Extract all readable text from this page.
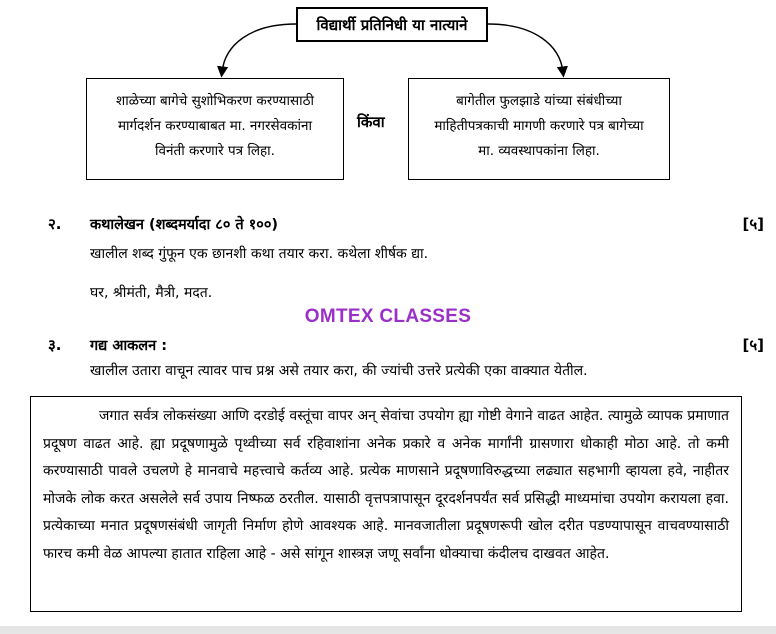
विद्यार्थी प्रतिनिधी या नात्याने
शाळेच्या बागेचे सुशोभिकरण करण्यासाठी
मार्गदर्शन करण्याबाबत मा. नगरसेवकांना
विनंती करणारे पत्र लिहा.
किंवा
बागेतील फुलझाडे यांच्या संबंधीच्या
माहितीपत्रकाची मागणी करणारे पत्र बागेच्या
मा. व्यवस्थापकांना लिहा.
२. कथालेखन (शब्दमर्यादा ८० ते १००)	[५]
खालील शब्द गुंफून एक छानशी कथा तयार करा. कथेला शीर्षक द्या.
घर, श्रीमंती, मैत्री, मदत.
OMTEX CLASSES
३. गद्य आकलन :	[५]
खालील उतारा वाचून त्यावर पाच प्रश्न असे तयार करा, की ज्यांची उत्तरे प्रत्येकी एका वाक्यात येतील.

जगात सर्वत्र लोकसंख्या आणि दरडोई वस्तूंचा वापर अन् सेवांचा उपयोग ह्या गोष्टी वेगाने वाढत आहेत. त्यामुळे व्यापक प्रमाणात प्रदूषण वाढत आहे. ह्या प्रदूषणामुळे पृथ्वीच्या सर्व रहिवाशांना अनेक प्रकारे व अनेक मार्गांनी ग्रासणारा धोकाही मोठा आहे. तो कमी करण्यासाठी पावले उचलणे हे मानवाचे महत्त्वाचे कर्तव्य आहे. प्रत्येक माणसाने प्रदूषणाविरुद्धच्या लढ्यात सहभागी व्हायला हवे, नाहीतर मोजके लोक करत असलेले सर्व उपाय निष्फळ ठरतील. यासाठी वृत्तपत्रापासून दूरदर्शनपर्यंत सर्व प्रसिद्धी माध्यमांचा उपयोग करायला हवा. प्रत्येकाच्या मनात प्रदूषणसंबंधी जागृती निर्माण होणे आवश्यक आहे. मानवजातीला प्रदूषणरूपी खोल दरीत पडण्यापासून वाचवण्यासाठी फारच कमी वेळ आपल्या हातात राहिला आहे - असे सांगून शास्त्रज्ञ जणू सर्वांना धोक्याचा कंदीलच दाखवत आहेत.
